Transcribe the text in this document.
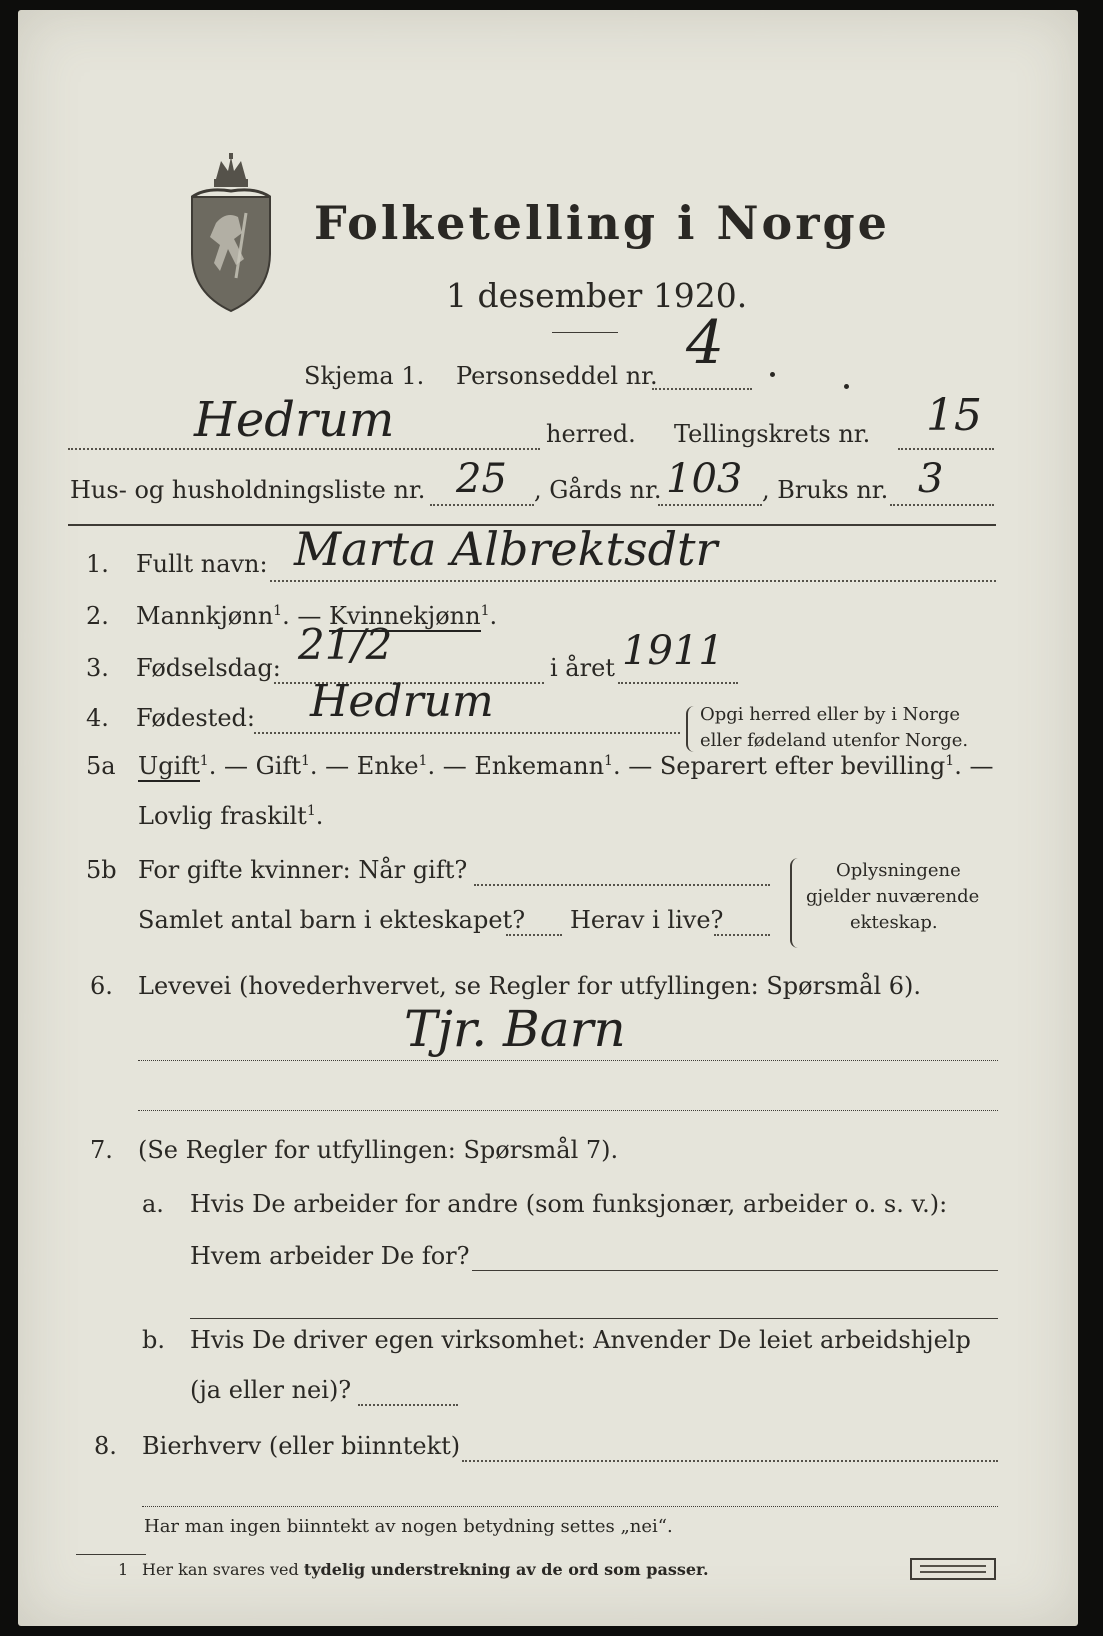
Folketelling i Norge
1 desember 1920.
Skjema 1. Personseddel nr. 4
Hedrum	herred. Tellingskrets nr. 15
Hus- og husholdningsliste nr. 25 , Gårds nr. 103 , Bruks nr. 3
1. Fullt navn: Marta Albrektsdtr
2. Mannkjønn$^1$. — Kvinnekjønn$^1$.
3. Fødselsdag: 21/2	i året 1911
4. Fødested: Hedrum	Opgi herred eller by i Norge
eller fødeland utenfor Norge.
5a Ugift$^1$. — Gift$^1$. — Enke$^1$. — Enkemann$^1$. — Separert efter bevilling$^1$. —
Lovlig fraskilt$^1$.
5b For gifte kvinner: Når gift?
Samlet antal barn i ekteskapet? Herav i live?
Oplysningene
gjelder nuværende
ekteskap.
6. Levevei (hovederhvervet, se Regler for utfyllingen: Spørsmål 6).
Tjr. Barn
7. (Se Regler for utfyllingen: Spørsmål 7).
a. Hvis De arbeider for andre (som funksjonær, arbeider o. s. v.):
Hvem arbeider De for?
b. Hvis De driver egen virksomhet: Anvender De leiet arbeidshjelp
(ja eller nei)?
8. Bierhverv (eller biinntekt)
Har man ingen biinntekt av nogen betydning settes „nei“.
1 Her kan svares ved tydelig understrekning av de ord som passer.
